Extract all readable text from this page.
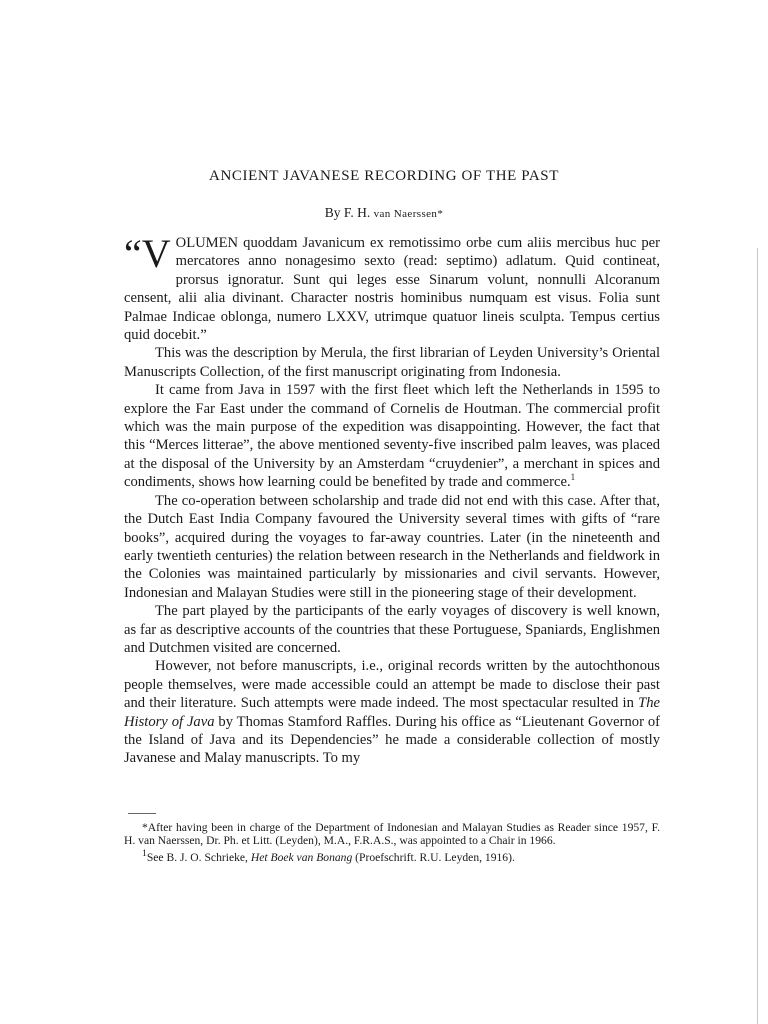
ANCIENT JAVANESE RECORDING OF THE PAST
By F. H. van Naerssen*

“V OLUMEN quoddam Javanicum ex remotissimo orbe cum aliis mercibus huc per mercatores anno nonagesimo sexto (read: septimo) adlatum. Quid contineat, prorsus ignoratur. Sunt qui leges esse Sinarum volunt, nonnulli Alcoranum censent, alii alia divinant. Character nostris hominibus numquam est visus. Folia sunt Palmae Indicae oblonga, numero LXXV, utrimque quatuor lineis sculpta. Tempus certius quid docebit.”

This was the description by Merula, the first librarian of Leyden University’s Oriental Manuscripts Collection, of the first manuscript originating from Indonesia.

It came from Java in 1597 with the first fleet which left the Netherlands in 1595 to explore the Far East under the command of Cornelis de Houtman. The commercial profit which was the main purpose of the expedition was disappointing. However, the fact that this “Merces litterae”, the above mentioned seventy-five inscribed palm leaves, was placed at the disposal of the University by an Amsterdam “cruydenier”, a merchant in spices and condiments, shows how learning could be benefited by trade and commerce.$^1$

The co-operation between scholarship and trade did not end with this case. After that, the Dutch East India Company favoured the University several times with gifts of “rare books”, acquired during the voyages to far-away countries. Later (in the nineteenth and early twentieth centuries) the relation between research in the Netherlands and fieldwork in the Colonies was maintained particularly by missionaries and civil servants. However, Indonesian and Malayan Studies were still in the pioneering stage of their development.

The part played by the participants of the early voyages of discovery is well known, as far as descriptive accounts of the countries that these Portuguese, Spaniards, Englishmen and Dutchmen visited are concerned.

However, not before manuscripts, i.e., original records written by the autochthonous people themselves, were made accessible could an attempt be made to disclose their past and their literature. Such attempts were made indeed. The most spectacular resulted in The History of Java by Thomas Stamford Raffles. During his office as “Lieutenant Governor of the Island of Java and its Dependencies” he made a considerable collection of mostly Javanese and Malay manuscripts. To my

*After having been in charge of the Department of Indonesian and Malayan Studies as Reader since 1957, F. H. van Naerssen, Dr. Ph. et Litt. (Leyden), M.A., F.R.A.S., was appointed to a Chair in 1966.

$^1$See B. J. O. Schrieke, Het Boek van Bonang (Proefschrift. R.U. Leyden, 1916).
